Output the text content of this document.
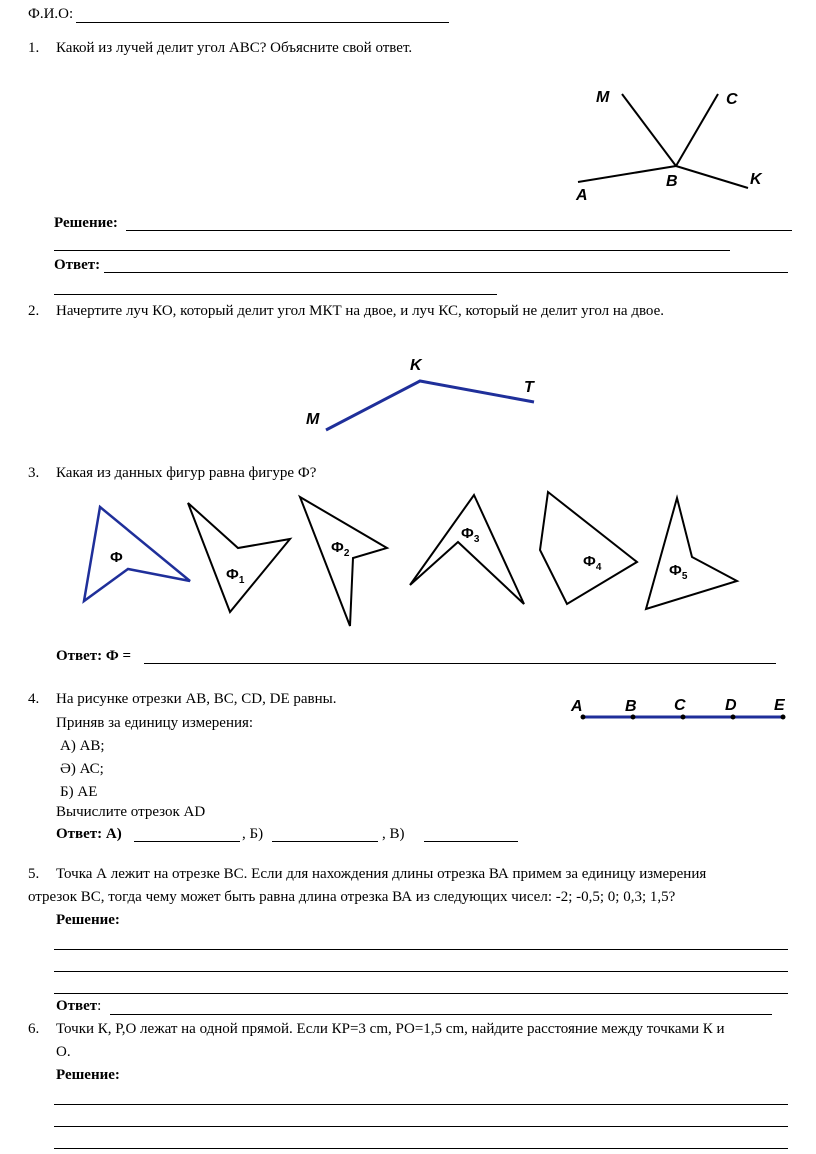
Ф.И.О:
1. Какой из лучей делит угол АВС? Объясните свой ответ.
M	C
A
B	K
Решение:
Ответ:
2. Начертите луч КО, который делит угол МКТ на двое, и луч КС, который не делит угол на двое.
K
T
M
3. Какая из данных фигур равна фигуре Ф?
Ф
$Ф_1$
$Ф_2$
$Ф_3$
$Ф_4$	$Ф_5$
Ответ: Ф =
4. На рисунке отрезки АВ, ВС, CD, DE равны.
Приняв за единицу измерения:
А) АВ;
Ә) АС;
Б) АЕ
Вычислите отрезок AD
Ответ: А)	, Б)	, В)
A	B C D E
5. Точка А лежит на отрезке ВС. Если для нахождения длины отрезка ВА примем за единицу измерения
отрезок ВС, тогда чему может быть равна длина отрезка ВА из следующих чисел: -2; -0,5; 0; 0,3; 1,5?
Решение:
Ответ:
6. Точки К, Р,О лежат на одной прямой. Если КР=3 cm, РО=1,5 cm, найдите расстояние между точками К и
О.
Решение:
